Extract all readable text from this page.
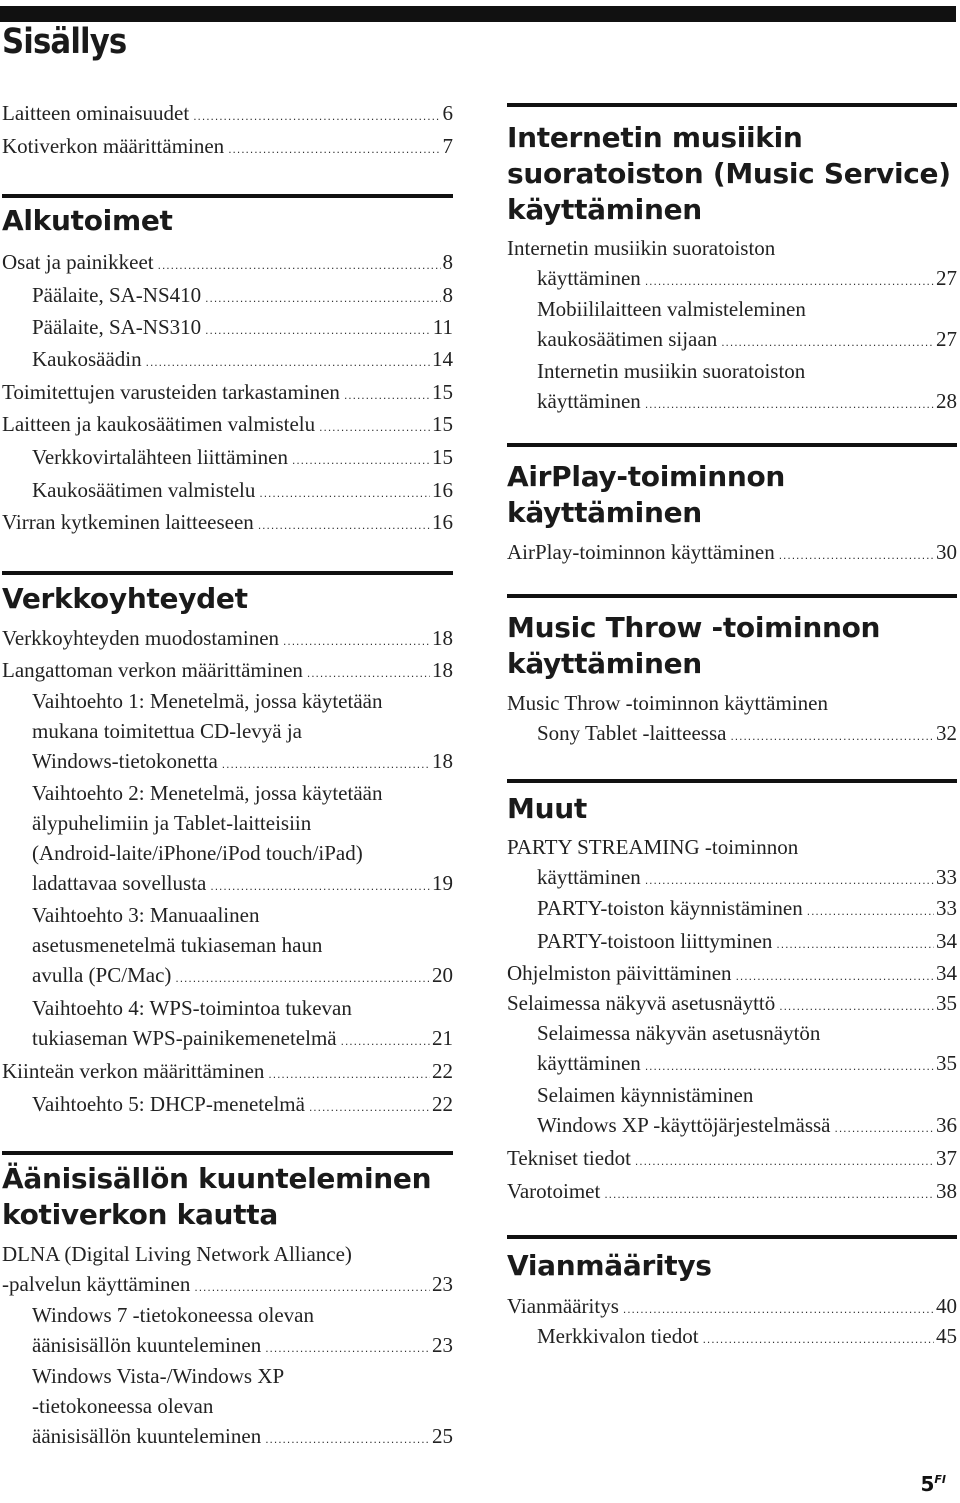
Sisällys
Laitteen ominaisuudet .....	6
Kotiverkon määrittäminen .....	7
Alkutoimet
Osat ja painikkeet .....	8
Päälaite, SA-NS410 .....	8
Päälaite, SA-NS310 .....	11
Kaukosäädin .....	14
Toimitettujen varusteiden tarkastaminen .....	15
Laitteen ja kaukosäätimen valmistelu .....	15
Verkkovirtalähteen liittäminen .....	15
Kaukosäätimen valmistelu .....	16
Virran kytkeminen laitteeseen .....	16
Verkkoyhteydet
Verkkoyhteyden muodostaminen .....	18
Langattoman verkon määrittäminen .....	18
Vaihtoehto 1: Menetelmä, jossa käytetään
mukana toimitettua CD-levyä ja
Windows-tietokonetta .....	18
Vaihtoehto 2: Menetelmä, jossa käytetään
älypuhelimiin ja Tablet-laitteisiin
(Android-laite/iPhone/iPod touch/iPad)
ladattavaa sovellusta .....	19
Vaihtoehto 3: Manuaalinen
asetusmenetelmä tukiaseman haun
avulla (PC/Mac) .....	20
Vaihtoehto 4: WPS-toimintoa tukevan
tukiaseman WPS-painikemenetelmä .....	21
Kiinteän verkon määrittäminen .....	22
Vaihtoehto 5: DHCP-menetelmä .....	22
Äänisisällön kuunteleminen
kotiverkon kautta
DLNA (Digital Living Network Alliance)
-palvelun käyttäminen .....	23
Windows 7 -tietokoneessa olevan
äänisisällön kuunteleminen .....	23
Windows Vista-/Windows XP
-tietokoneessa olevan
äänisisällön kuunteleminen .....	25
Internetin musiikin
suoratoiston (Music Service)
käyttäminen
Internetin musiikin suoratoiston
käyttäminen .....	27
Mobiililaitteen valmisteleminen
kaukosäätimen sijaan .....	27
Internetin musiikin suoratoiston
käyttäminen .....	28
AirPlay-toiminnon
käyttäminen
AirPlay-toiminnon käyttäminen .....	30
Music Throw -toiminnon
käyttäminen
Music Throw -toiminnon käyttäminen
Sony Tablet -laitteessa .....	32
Muut
PARTY STREAMING -toiminnon
käyttäminen .....	33
PARTY-toiston käynnistäminen .....	33
PARTY-toistoon liittyminen .....	34
Ohjelmiston päivittäminen .....	34
Selaimessa näkyvä asetusnäyttö .....	35
Selaimessa näkyvän asetusnäytön
käyttäminen .....	35
Selaimen käynnistäminen
Windows XP -käyttöjärjestelmässä .....	36
Tekniset tiedot .....	37
Varotoimet .....	38
Vianmääritys
Vianmääritys .....	40
Merkkivalon tiedot .....	45
$5^{FI}$
